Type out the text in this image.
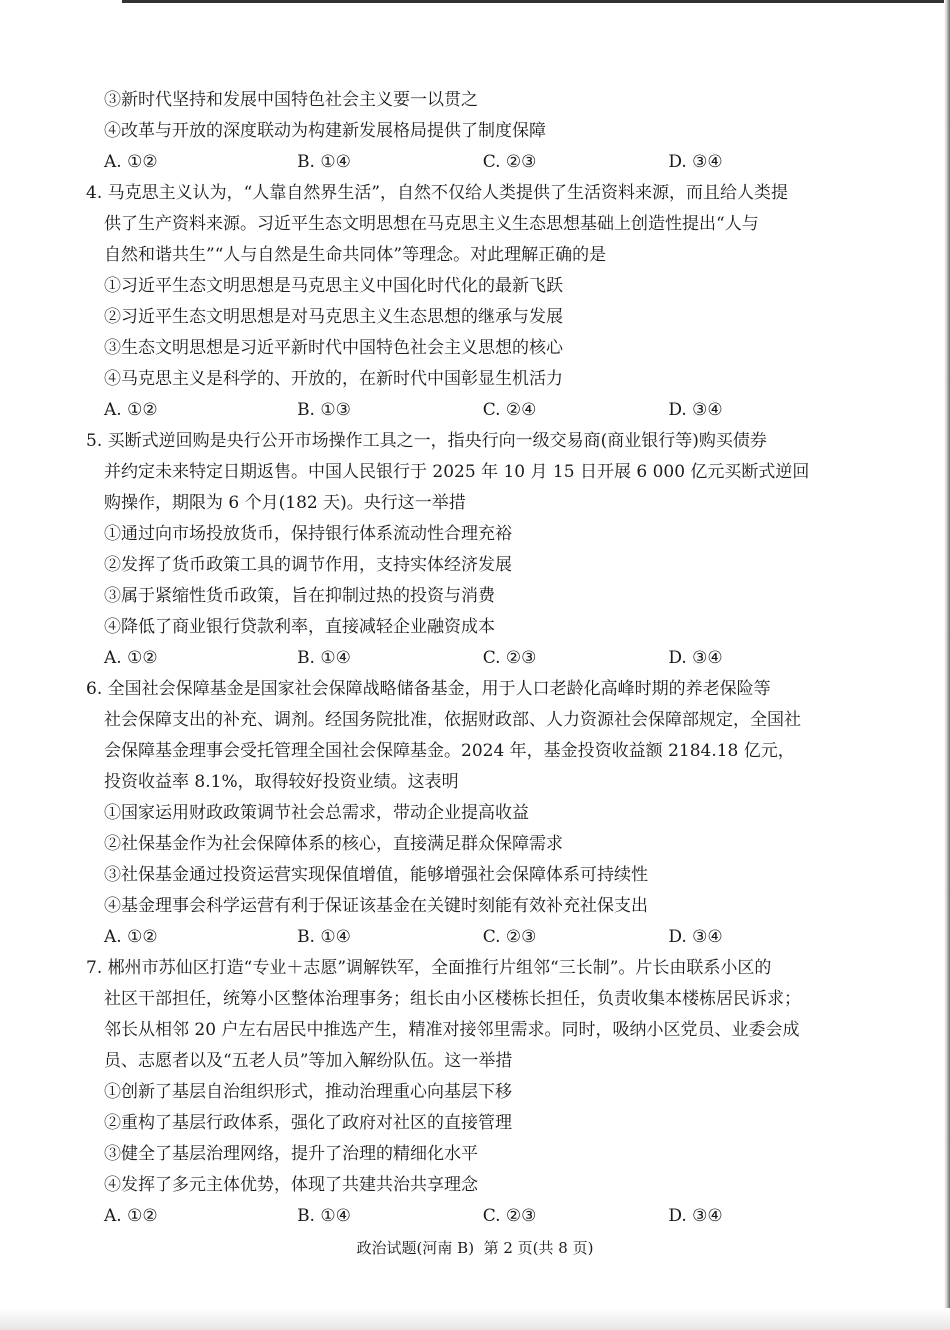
③新时代坚持和发展中国特色社会主义要一以贯之
④改革与开放的深度联动为构建新发展格局提供了制度保障
A. ①②	B. ①④	C. ②③	D. ③④
4. 马克思主义认为，“人靠自然界生活”，自然不仅给人类提供了生活资料来源，而且给人类提
供了生产资料来源。习近平生态文明思想在马克思主义生态思想基础上创造性提出“人与
自然和谐共生”“人与自然是生命共同体”等理念。对此理解正确的是
①习近平生态文明思想是马克思主义中国化时代化的最新飞跃
②习近平生态文明思想是对马克思主义生态思想的继承与发展
③生态文明思想是习近平新时代中国特色社会主义思想的核心
④马克思主义是科学的、开放的，在新时代中国彰显生机活力
A. ①②	B. ①③	C. ②④	D. ③④
5. 买断式逆回购是央行公开市场操作工具之一，指央行向一级交易商(商业银行等)购买债券
并约定未来特定日期返售。中国人民银行于 2025 年 10 月 15 日开展 6 000 亿元买断式逆回
购操作，期限为 6 个月(182 天)。央行这一举措
①通过向市场投放货币，保持银行体系流动性合理充裕
②发挥了货币政策工具的调节作用，支持实体经济发展
③属于紧缩性货币政策，旨在抑制过热的投资与消费
④降低了商业银行贷款利率，直接减轻企业融资成本
A. ①②	B. ①④	C. ②③	D. ③④
6. 全国社会保障基金是国家社会保障战略储备基金，用于人口老龄化高峰时期的养老保险等
社会保障支出的补充、调剂。经国务院批准，依据财政部、人力资源社会保障部规定，全国社
会保障基金理事会受托管理全国社会保障基金。2024 年，基金投资收益额 2184.18 亿元，
投资收益率 8.1%，取得较好投资业绩。这表明
①国家运用财政政策调节社会总需求，带动企业提高收益
②社保基金作为社会保障体系的核心，直接满足群众保障需求
③社保基金通过投资运营实现保值增值，能够增强社会保障体系可持续性
④基金理事会科学运营有利于保证该基金在关键时刻能有效补充社保支出
A. ①②	B. ①④	C. ②③	D. ③④
7. 郴州市苏仙区打造“专业＋志愿”调解铁军，全面推行片组邻“三长制”。片长由联系小区的
社区干部担任，统筹小区整体治理事务；组长由小区楼栋长担任，负责收集本楼栋居民诉求；
邻长从相邻 20 户左右居民中推选产生，精准对接邻里需求。同时，吸纳小区党员、业委会成
员、志愿者以及“五老人员”等加入解纷队伍。这一举措
①创新了基层自治组织形式，推动治理重心向基层下移
②重构了基层行政体系，强化了政府对社区的直接管理
③健全了基层治理网络，提升了治理的精细化水平
④发挥了多元主体优势，体现了共建共治共享理念
A. ①②	B. ①④	C. ②③	D. ③④
政治试题(河南 B)  第 2 页(共 8 页)
